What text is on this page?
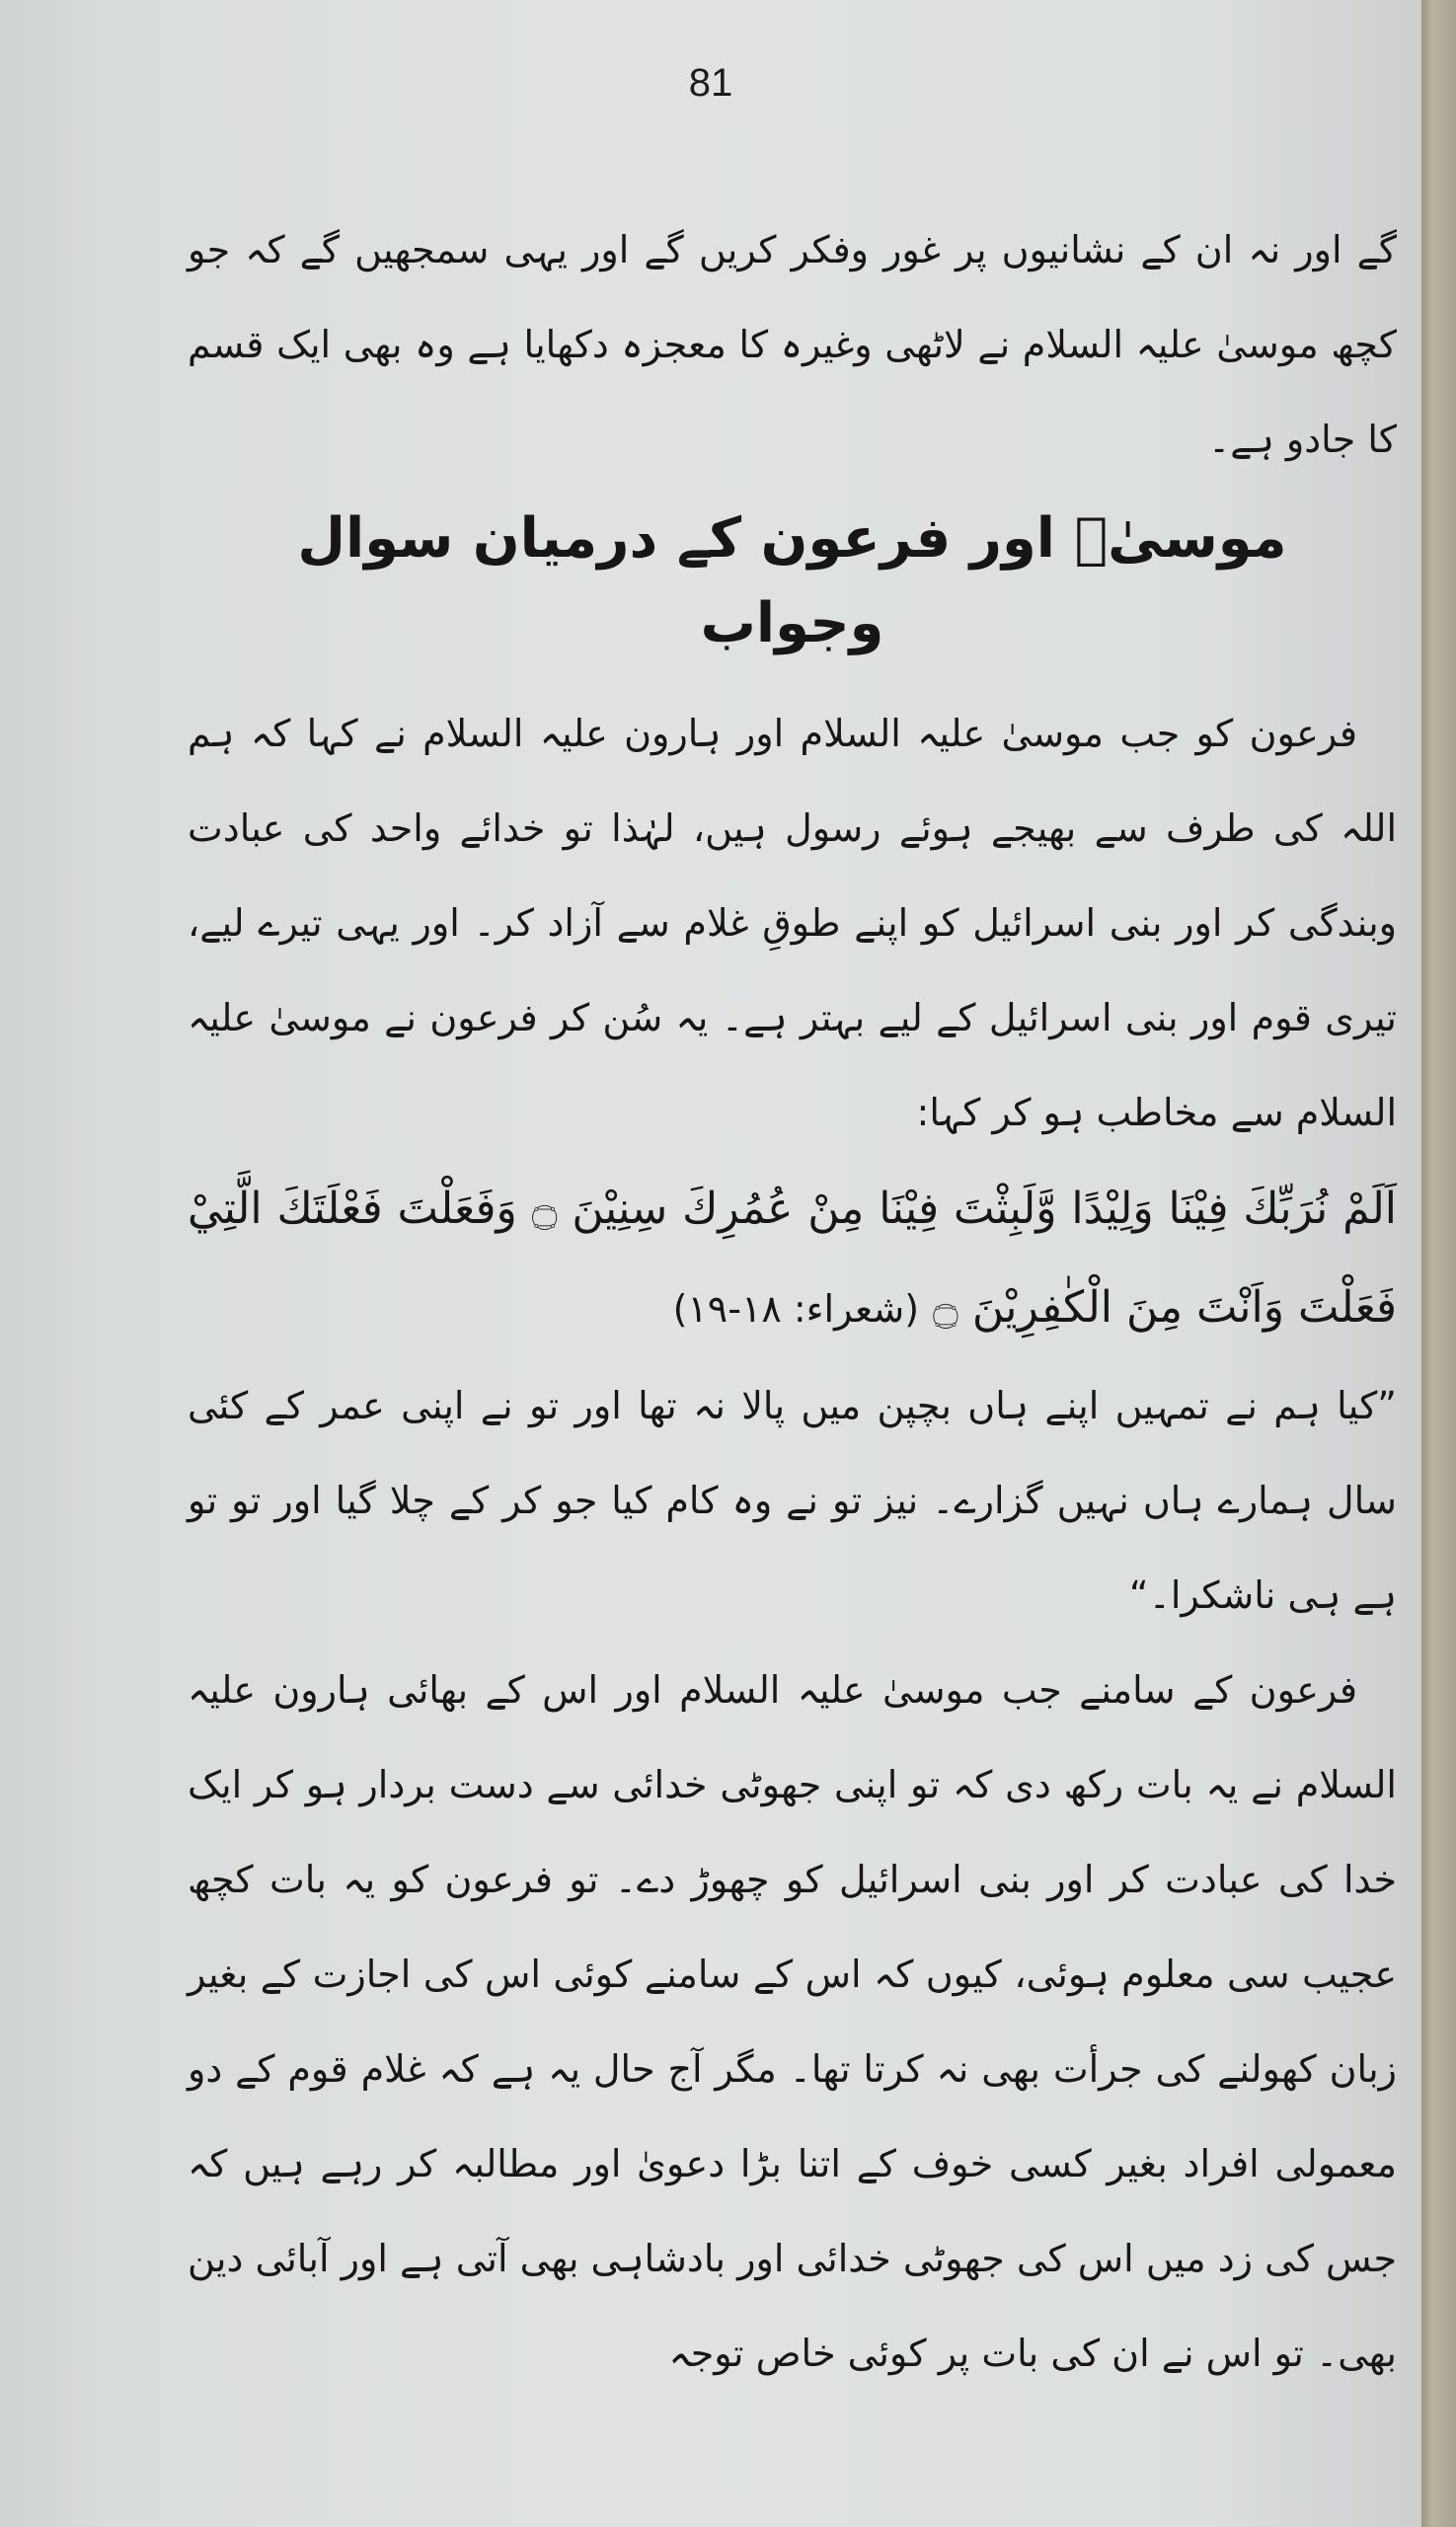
81

گے اور نہ ان کے نشانیوں پر غور وفکر کریں گے اور یہی سمجھیں گے کہ جو کچھ موسیٰ علیہ السلام نے لاٹھی وغیرہ کا معجزہ دکھایا ہے وہ بھی ایک قسم کا جادو ہے۔

موسیٰؑ اور فرعون کے درمیان سوال وجواب

فرعون کو جب موسیٰ علیہ السلام اور ہارون علیہ السلام نے کہا کہ ہم اللہ کی طرف سے بھیجے ہوئے رسول ہیں، لہٰذا تو خدائے واحد کی عبادت وبندگی کر اور بنی اسرائیل کو اپنے طوقِ غلام سے آزاد کر۔ اور یہی تیرے لیے، تیری قوم اور بنی اسرائیل کے لیے بہتر ہے۔ یہ سُن کر فرعون نے موسیٰ علیہ السلام سے مخاطب ہو کر کہا:

اَلَمْ نُرَبِّكَ فِيْنَا وَلِيْدًا وَّلَبِثْتَ فِيْنَا مِنْ عُمُرِكَ سِنِيْنَ ۝ وَفَعَلْتَ فَعْلَتَكَ الَّتِيْ فَعَلْتَ وَاَنْتَ مِنَ الْكٰفِرِيْنَ ۝ (شعراء: ۱۸-۱۹)

”کیا ہم نے تمہیں اپنے ہاں بچپن میں پالا نہ تھا اور تو نے اپنی عمر کے کئی سال ہمارے ہاں نہیں گزارے۔ نیز تو نے وہ کام کیا جو کر کے چلا گیا اور تو تو ہے ہی ناشکرا۔“

فرعون کے سامنے جب موسیٰ علیہ السلام اور اس کے بھائی ہارون علیہ السلام نے یہ بات رکھ دی کہ تو اپنی جھوٹی خدائی سے دست بردار ہو کر ایک خدا کی عبادت کر اور بنی اسرائیل کو چھوڑ دے۔ تو فرعون کو یہ بات کچھ عجیب سی معلوم ہوئی، کیوں کہ اس کے سامنے کوئی اس کی اجازت کے بغیر زبان کھولنے کی جرأت بھی نہ کرتا تھا۔ مگر آج حال یہ ہے کہ غلام قوم کے دو معمولی افراد بغیر کسی خوف کے اتنا بڑا دعویٰ اور مطالبہ کر رہے ہیں کہ جس کی زد میں اس کی جھوٹی خدائی اور بادشاہی بھی آتی ہے اور آبائی دین بھی۔ تو اس نے ان کی بات پر کوئی خاص توجہ
